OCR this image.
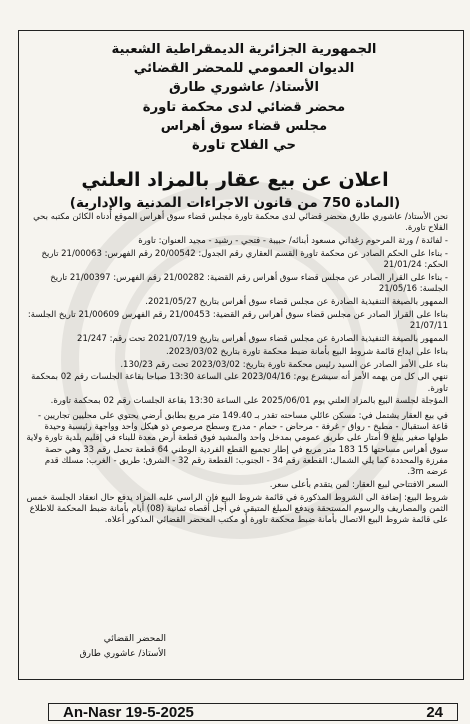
الجمهورية الجزائرية الديمقراطية الشعبية
الديوان العمومي للمحضر القضائي
الأستاذ/ عاشوري طارق
محضر قضائي لدى محكمة تاورة
مجلس قضاء سوق أهراس
حي الفلاح تاورة
اعلان عن بيع عقار بالمزاد العلني
(المادة 750 من قانون الاجراءات المدنية والإدارية)

نحن الأستاذ/ عاشوري طارق محضر قضائي لدى محكمة تاورة مجلس قضاء سوق أهراس الموقع أدناه الكائن مكتبه بحي الفلاح تاورة.

- لفائدة / ورثة المرحوم زغداني مسعود أبنائه/ حبيبة - فتحي - رشيد - مجيد العنوان: تاورة

- بناءا على الحكم الصادر عن محكمة تاورة القسم العقاري رقم الجدول: 20/00542 رقم الفهرس: 21/00063 تاريخ الحكم: 21/01/24

- بناءا على القرار الصادر عن مجلس قضاء سوق أهراس رقم القضية: 21/00282 رقم الفهرس: 21/00397 تاريخ الجلسة: 21/05/16

الممهور بالصيغة التنفيذية الصادرة عن مجلس قضاء سوق أهراس بتاريخ 2021/05/27.

بناءا على القرار الصادر عن مجلس قضاء سوق أهراس رقم القضية: 21/00453 رقم الفهرس 21/00609 تاريخ الجلسة: 21/07/11

الممهور بالصيغة التنفيذية الصادرة عن مجلس قضاء سوق أهراس بتاريخ 2021/07/19 تحت رقم: 21/247

بناءا على ايداع قائمة شروط البيع بأمانة ضبط محكمة تاورة بتاريخ 2023/03/02.

بناء على الأمر الصادر عن السيد رئيس محكمة تاورة بتاريخ: 2023/03/02 تحت رقم 130/23.

ننهي الى كل من يهمه الأمر أنه سيشرع يوم: 2023/04/16 على الساعة 13:30 صباحا بقاعة الجلسات رقم 02 بمحكمة تاورة.

المؤجلة لجلسة البيع بالمزاد العلني يوم 2025/06/01 على الساعة 13:30 بقاعة الجلسات رقم 02 بمحكمة تاورة.

في بيع العقار يشتمل في: مسكن عائلي مساحته تقدر بـ 149.40 متر مربع بطابق أرضي يحتوي على محليين تجاريين - قاعة استقبال - مطبخ - رواق - غرفة - مرحاض - حمام - مدرج وسطح مرصوص ذو هيكل واحد وواجهة رئيسية وحيدة طولها صغير يبلغ 9 أمتار على طريق عمومي بمدخل واحد والمشيد فوق قطعة أرض معدة للبناء في إقليم بلدية تاورة ولاية سوق أهراس مساحتها 15 183 متر مربع في إطار تجميع القطع الفردية الوطني 64 قطعة تحمل رقم 33 وهي حصة مفرزة والمحددة كما يلي الشمال: القطعة رقم 34 - الجنوب: القطعة رقم 32 - الشرق: طريق - الغرب: مسلك قدم عرضه 3m.

السعر الافتتاحي لبيع العقار: لمن يتقدم بأعلى سعر.

شروط البيع: إضافة الى الشروط المذكورة في قائمة شروط البيع فإن الراسي عليه المزاد يدفع حال انعقاد الجلسة خمس الثمن والمصاريف والرسوم المستحقة ويدفع المبلغ المتبقي في أجل أقصاه ثمانية (08) أيام بأمانة ضبط المحكمة للاطلاع على قائمة شروط البيع الاتصال بأمانة ضبط محكمة تاورة أو مكتب المحضر القضائي المذكور أعلاه.

المحضر القضائي
الأستاذ/ عاشوري طارق
An-Nasr 19-5-2025	24
